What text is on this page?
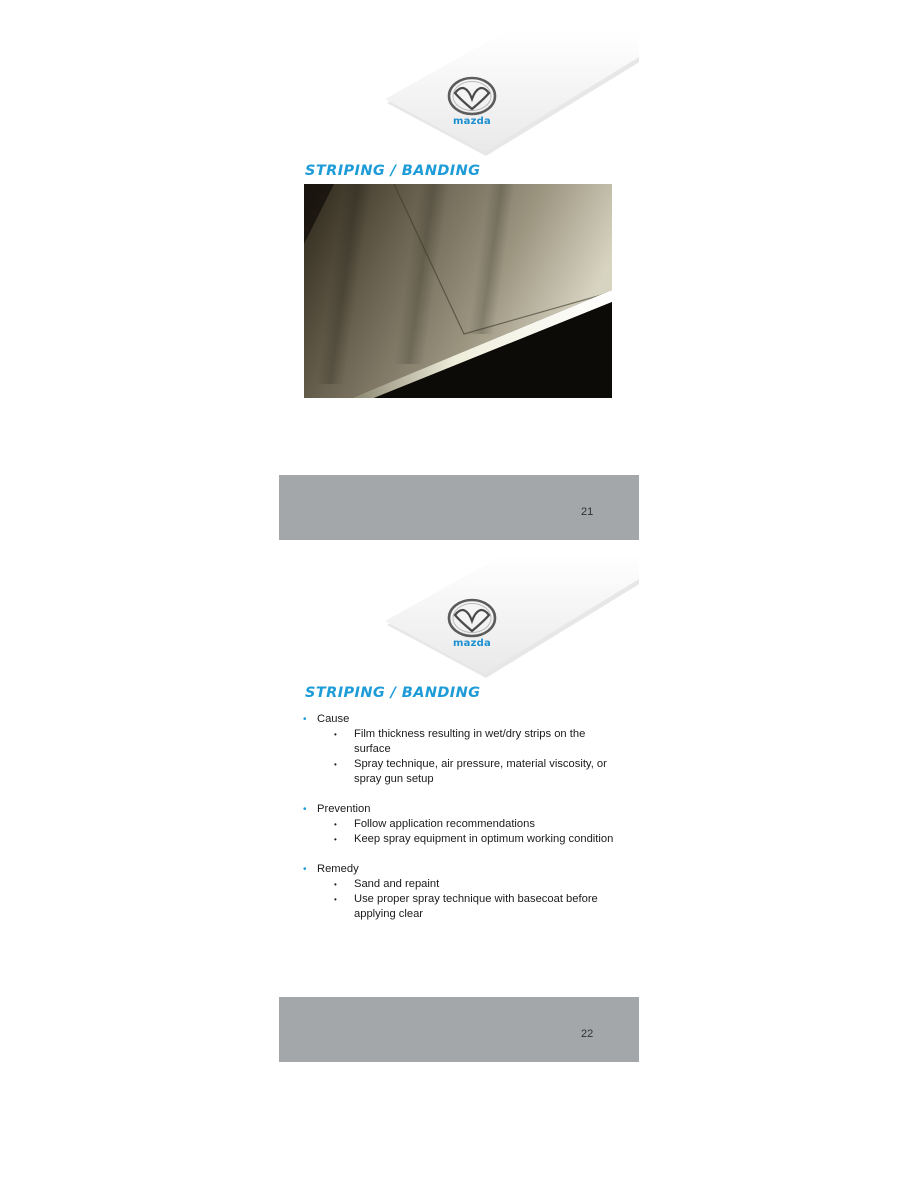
mazda
STRIPING / BANDING
21
mazda
STRIPING / BANDING
• Cause
• Film thickness resulting in wet/dry strips on the surface
• Spray technique, air pressure, material viscosity, or spray gun setup
• Prevention
• Follow application recommendations
• Keep spray equipment in optimum working condition
• Remedy
• Sand and repaint
• Use proper spray technique with basecoat before applying clear
22
